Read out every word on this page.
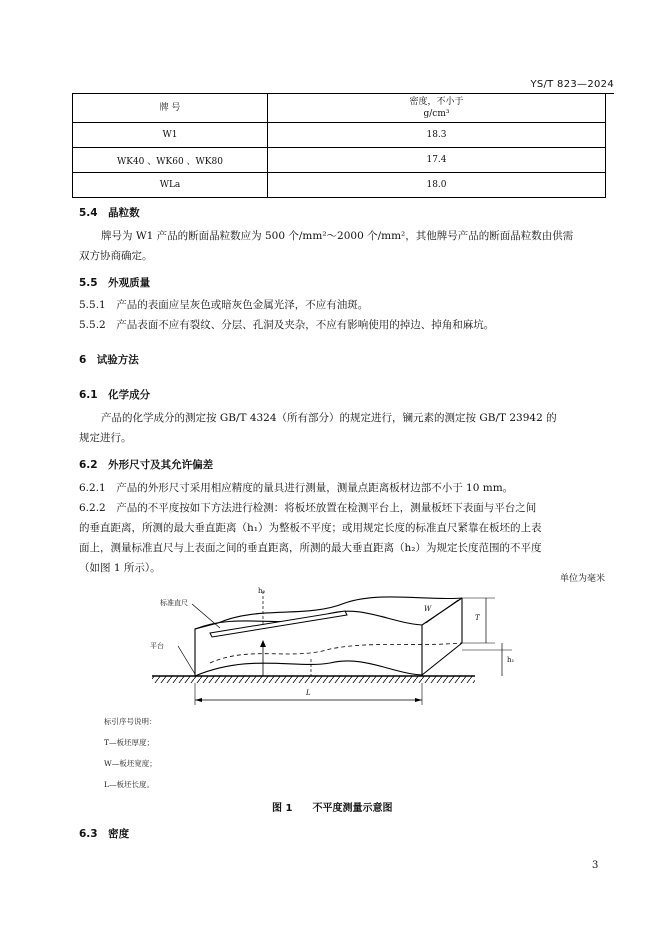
YS/T 823—2024
牌 号	密度，不小于
g/cm³
W1	18.3
WK40 、WK60 、WK80	17.4
WLa	18.0
5.4　晶粒数
牌号为 W1 产品的断面晶粒数应为 500 个/mm²～2000 个/mm²，其他牌号产品的断面晶粒数由供需
双方协商确定。
5.5　外观质量
5.5.1　产品的表面应呈灰色或暗灰色金属光泽，不应有油斑。
5.5.2　产品表面不应有裂纹、分层、孔洞及夹杂，不应有影响使用的掉边、掉角和麻坑。
6　试验方法
6.1　化学成分
产品的化学成分的测定按 GB/T 4324（所有部分）的规定进行，镧元素的测定按 GB/T 23942 的
规定进行。
6.2　外形尺寸及其允许偏差
6.2.1　产品的外形尺寸采用相应精度的量具进行测量，测量点距离板材边部不小于 10 mm。
6.2.2　产品的不平度按如下方法进行检测：将板坯放置在检测平台上，测量板坯下表面与平台之间
的垂直距离，所测的最大垂直距离（h₁）为整板不平度；或用规定长度的标准直尺紧靠在板坯的上表
面上，测量标准直尺与上表面之间的垂直距离，所测的最大垂直距离（h₂）为规定长度范围的不平度
（如图 1 所示）。
单位为毫米
标准直尺
平台
h₂
W
T
h₁
L
标引序号说明：
T—板坯厚度；
W—板坯宽度；
L—板坯长度。
图 1　　不平度测量示意图
6.3　密度
3
